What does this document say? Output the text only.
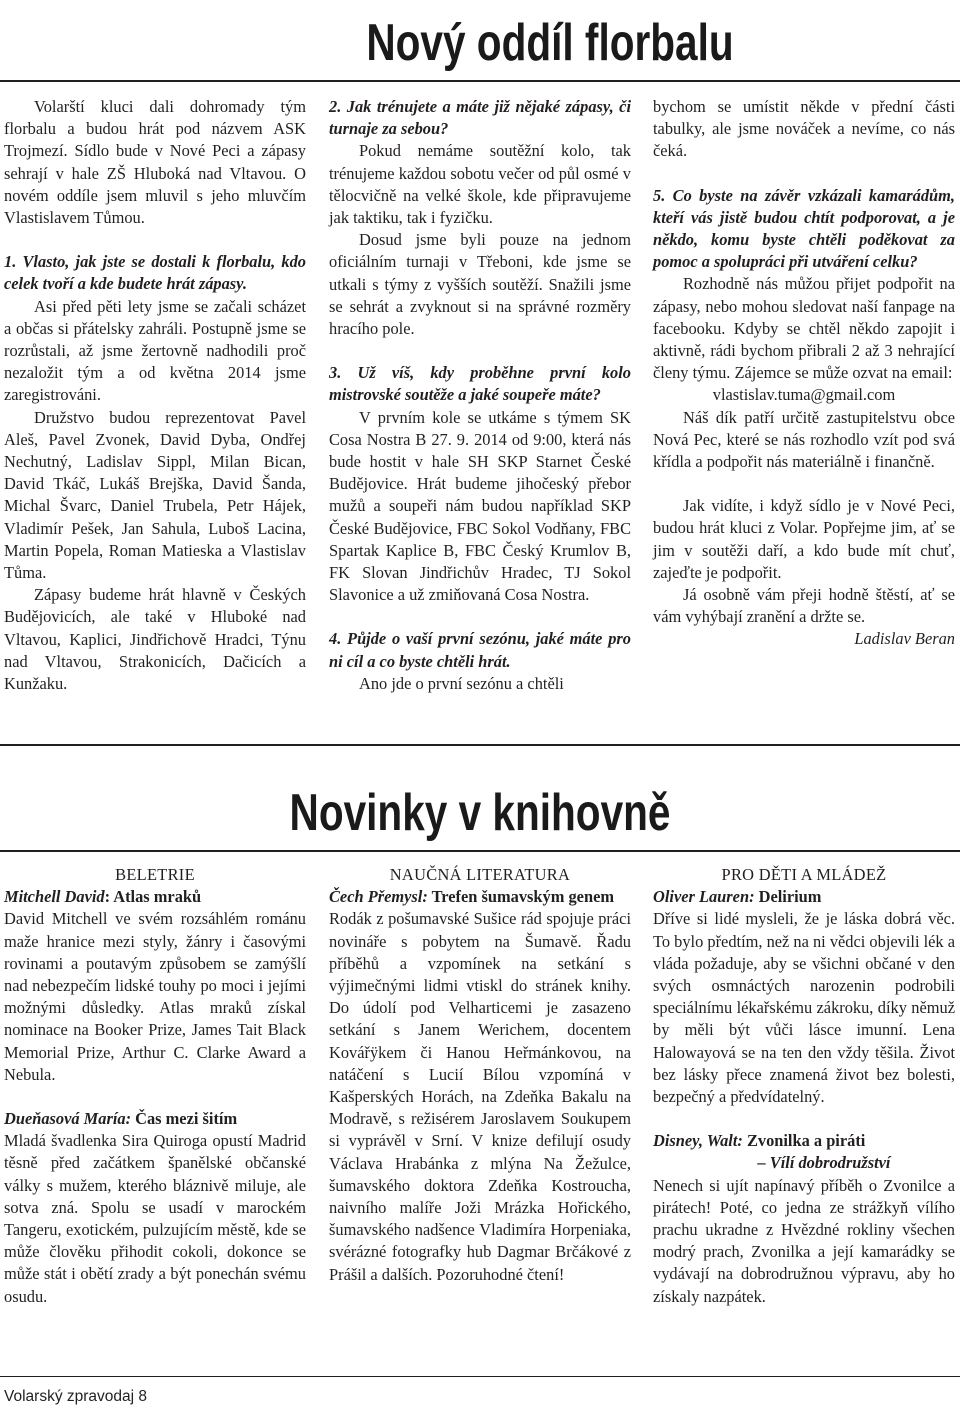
Nový oddíl florbalu

Volarští kluci dali dohromady tým florbalu a budou hrát pod názvem ASK Trojmezí. Sídlo bude v Nové Peci a zápasy sehrají v hale ZŠ Hluboká nad Vltavou. O novém oddíle jsem mluvil s jeho mluvčím Vlastislavem Tůmou.

1. Vlasto, jak jste se dostali k florbalu, kdo celek tvoří a kde budete hrát zápasy.

Asi před pěti lety jsme se začali scházet a občas si přátelsky zahráli. Postupně jsme se rozrůstali, až jsme žertovně nadhodili proč nezaložit tým a od května 2014 jsme zaregistrováni.

Družstvo budou reprezentovat Pavel Aleš, Pavel Zvonek, David Dyba, Ondřej Nechutný, Ladislav Sippl, Milan Bican, David Tkáč, Lukáš Brejška, David Šanda, Michal Švarc, Daniel Trubela, Petr Hájek, Vladimír Pešek, Jan Sahula, Luboš Lacina, Martin Popela, Roman Matieska a Vlastislav Tůma.

Zápasy budeme hrát hlavně v Českých Budějovicích, ale také v Hluboké nad Vltavou, Kaplici, Jindřichově Hradci, Týnu nad Vltavou, Strakonicích, Dačicích a Kunžaku.

2. Jak trénujete a máte již nějaké zápasy, či turnaje za sebou?

Pokud nemáme soutěžní kolo, tak trénujeme každou sobotu večer od půl osmé v tělocvičně na velké škole, kde připravujeme jak taktiku, tak i fyzičku.

Dosud jsme byli pouze na jednom oficiálním turnaji v Třeboni, kde jsme se utkali s týmy z vyšších soutěží. Snažili jsme se sehrát a zvyknout si na správné rozměry hracího pole.

3. Už víš, kdy proběhne první kolo mistrovské soutěže a jaké soupeře máte?

V prvním kole se utkáme s týmem SK Cosa Nostra B 27. 9. 2014 od 9:00, která nás bude hostit v hale SH SKP Starnet České Budějovice. Hrát budeme jihočeský přebor mužů a soupeři nám budou například SKP České Budějovice, FBC Sokol Vodňany, FBC Spartak Kaplice B, FBC Český Krumlov B, FK Slovan Jindřichův Hradec, TJ Sokol Slavonice a už zmiňovaná Cosa Nostra.

4. Půjde o vaší první sezónu, jaké máte pro ni cíl a co byste chtěli hrát.

Ano jde o první sezónu a chtěli

bychom se umístit někde v přední části tabulky, ale jsme nováček a nevíme, co nás čeká.

5. Co byste na závěr vzkázali kamarádům, kteří vás jistě budou chtít podporovat, a je někdo, komu byste chtěli poděkovat za pomoc a spolupráci při utváření celku?

Rozhodně nás můžou přijet podpořit na zápasy, nebo mohou sledovat naší fanpage na facebooku. Kdyby se chtěl někdo zapojit i aktivně, rádi bychom přibrali 2 až 3 nehrající členy týmu. Zájemce se může ozvat na email:

vlastislav.tuma@gmail.com

Náš dík patří určitě zastupitelstvu obce Nová Pec, které se nás rozhodlo vzít pod svá křídla a podpořit nás materiálně i finančně.

Jak vidíte, i když sídlo je v Nové Peci, budou hrát kluci z Volar. Popřejme jim, ať se jim v soutěži daří, a kdo bude mít chuť, zajeďte je podpořit.

Já osobně vám přeji hodně štěstí, ať se vám vyhýbají zranění a držte se.

Ladislav Beran

Novinky v knihovně

BELETRIE

Mitchell David: Atlas mraků

David Mitchell ve svém rozsáhlém románu maže hranice mezi styly, žánry i časovými rovinami a poutavým způsobem se zamýšlí nad nebezpečím lidské touhy po moci i jejími možnými důsledky. Atlas mraků získal nominace na Booker Prize, James Tait Black Memorial Prize, Arthur C. Clarke Award a Nebula.

Dueňasová María: Čas mezi šitím

Mladá švadlenka Sira Quiroga opustí Madrid těsně před začátkem španělské občanské války s mužem, kterého bláznivě miluje, ale sotva zná. Spolu se usadí v marockém Tangeru, exotickém, pulzujícím městě, kde se může člověku přihodit cokoli, dokonce se může stát i obětí zrady a být ponechán svému osudu.

NAUČNÁ LITERATURA

Čech Přemysl: Trefen šumavským genem

Rodák z pošumavské Sušice rád spojuje práci novináře s pobytem na Šumavě. Řadu příběhů a vzpomínek na setkání s výjimečnými lidmi vtiskl do stránek knihy. Do údolí pod Velharticemi je zasazeno setkání s Janem Werichem, docentem Kovářÿkem či Hanou Heřmánkovou, na natáčení s Lucií Bílou vzpomíná v Kašperských Horách, na Zdeňka Bakalu na Modravě, s režisérem Jaroslavem Soukupem si vyprávěl v Srní. V knize defilují osudy Václava Hrabánka z mlýna Na Žežulce, šumavského doktora Zdeňka Kostroucha, naivního malíře Joži Mrázka Hořického, šumavského nadšence Vladimíra Horpeniaka, svérázné fotografky hub Dagmar Brčákové z Prášil a dalších. Pozoruhodné čtení!

PRO DĚTI A MLÁDEŽ

Oliver Lauren: Delirium

Dříve si lidé mysleli, že je láska dobrá věc. To bylo předtím, než na ni vědci objevili lék a vláda požaduje, aby se všichni občané v den svých osmnáctých narozenin podrobili speciálnímu lékařskému zákroku, díky němuž by měli být vůči lásce imunní. Lena Halowayová se na ten den vždy těšila. Život bez lásky přece znamená život bez bolesti, bezpečný a předvídatelný.

Disney, Walt: Zvonilka a piráti

– Vílí dobrodružství

Nenech si ujít napínavý příběh o Zvonilce a pirátech! Poté, co jedna ze strážkyň vílího prachu ukradne z Hvězdné rokliny všechen modrý prach, Zvonilka a její kamarádky se vydávají na dobrodružnou výpravu, aby ho získaly nazpátek.

Volarský zpravodaj 8
